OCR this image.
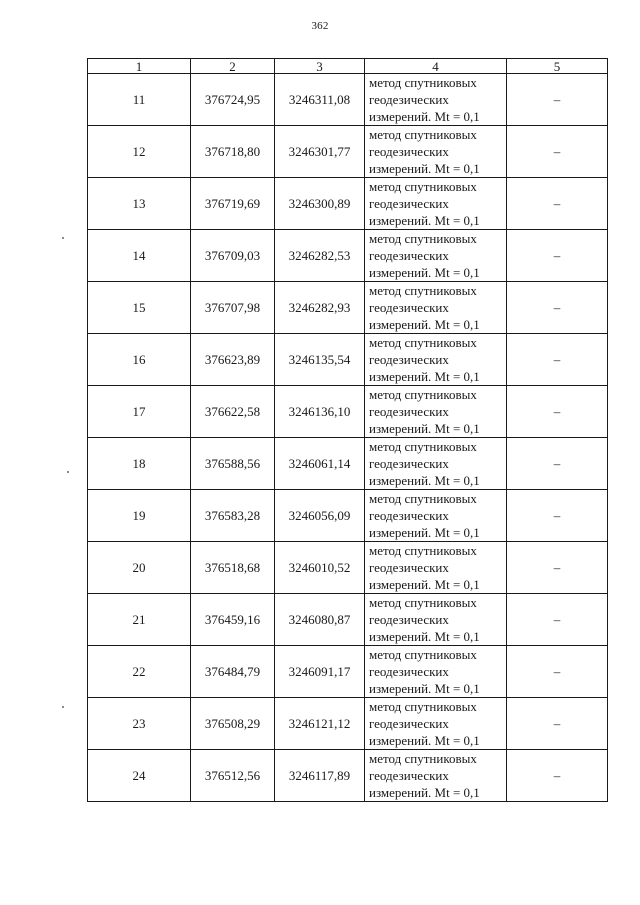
362
1	2	3	4	5
11	376724,95	3246311,08	метод спутниковых
геодезических
измерений. Mt = 0,1	–
12	376718,80	3246301,77	метод спутниковых
геодезических
измерений. Mt = 0,1	–
13	376719,69	3246300,89	метод спутниковых
геодезических
измерений. Mt = 0,1	–
14	376709,03	3246282,53	метод спутниковых
геодезических
измерений. Mt = 0,1	–
15	376707,98	3246282,93	метод спутниковых
геодезических
измерений. Mt = 0,1	–
16	376623,89	3246135,54	метод спутниковых
геодезических
измерений. Mt = 0,1	–
17	376622,58	3246136,10	метод спутниковых
геодезических
измерений. Mt = 0,1	–
18	376588,56	3246061,14	метод спутниковых
геодезических
измерений. Mt = 0,1	–
19	376583,28	3246056,09	метод спутниковых
геодезических
измерений. Mt = 0,1	–
20	376518,68	3246010,52	метод спутниковых
геодезических
измерений. Mt = 0,1	–
21	376459,16	3246080,87	метод спутниковых
геодезических
измерений. Mt = 0,1	–
22	376484,79	3246091,17	метод спутниковых
геодезических
измерений. Mt = 0,1	–
23	376508,29	3246121,12	метод спутниковых
геодезических
измерений. Mt = 0,1	–
24	376512,56	3246117,89	метод спутниковых
геодезических
измерений. Mt = 0,1	–
